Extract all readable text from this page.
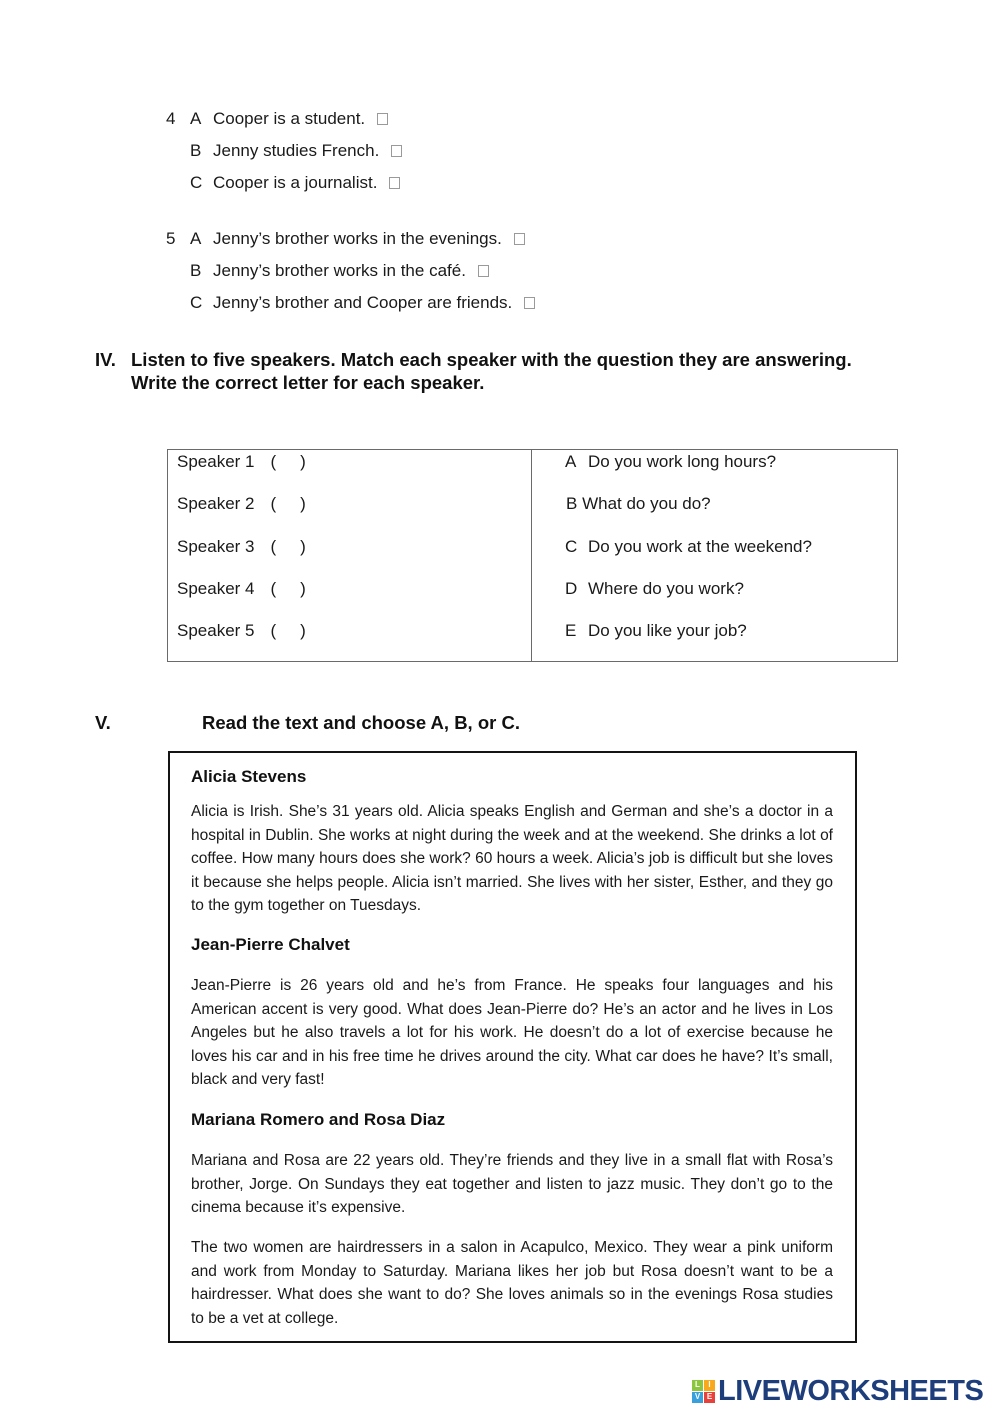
4 A Cooper is a student.
B Jenny studies French.
C Cooper is a journalist.
5 A Jenny’s brother works in the evenings.
B Jenny’s brother works in the café.
C Jenny’s brother and Cooper are friends.
IV. Listen to five speakers. Match each speaker with the question they are answering.
Write the correct letter for each speaker.
Speaker 1 ( )
Speaker 2 ( )
Speaker 3 ( )
Speaker 4 ( )
Speaker 5 ( )
A Do you work long hours?
B What do you do?
C Do you work at the weekend?
D Where do you work?
E Do you like your job?
V.	Read the text and choose A, B, or C.
Alicia Stevens
Alicia is Irish. She’s 31 years old. Alicia speaks English and German and she’s a doctor in a hospital in Dublin. She works at night during the week and at the weekend. She drinks a lot of coffee. How many hours does she work? 60 hours a week. Alicia’s job is difficult but she loves it because she helps people. Alicia isn’t married. She lives with her sister, Esther, and they go to the gym together on Tuesdays.
Jean-Pierre Chalvet
Jean-Pierre is 26 years old and he’s from France. He speaks four languages and his American accent is very good. What does Jean-Pierre do? He’s an actor and he lives in Los Angeles but he also travels a lot for his work. He doesn’t do a lot of exercise because he loves his car and in his free time he drives around the city. What car does he have? It’s small, black and very fast!
Mariana Romero and Rosa Diaz
Mariana and Rosa are 22 years old. They’re friends and they live in a small flat with Rosa’s brother, Jorge. On Sundays they eat together and listen to jazz music. They don’t go to the cinema because it’s expensive.
The two women are hairdressers in a salon in Acapulco, Mexico. They wear a pink uniform and work from Monday to Saturday. Mariana likes her job but Rosa doesn’t want to be a hairdresser. What does she want to do? She loves animals so in the evenings Rosa studies to be a vet at college.
L	I
V E LIVEWORKSHEETS
